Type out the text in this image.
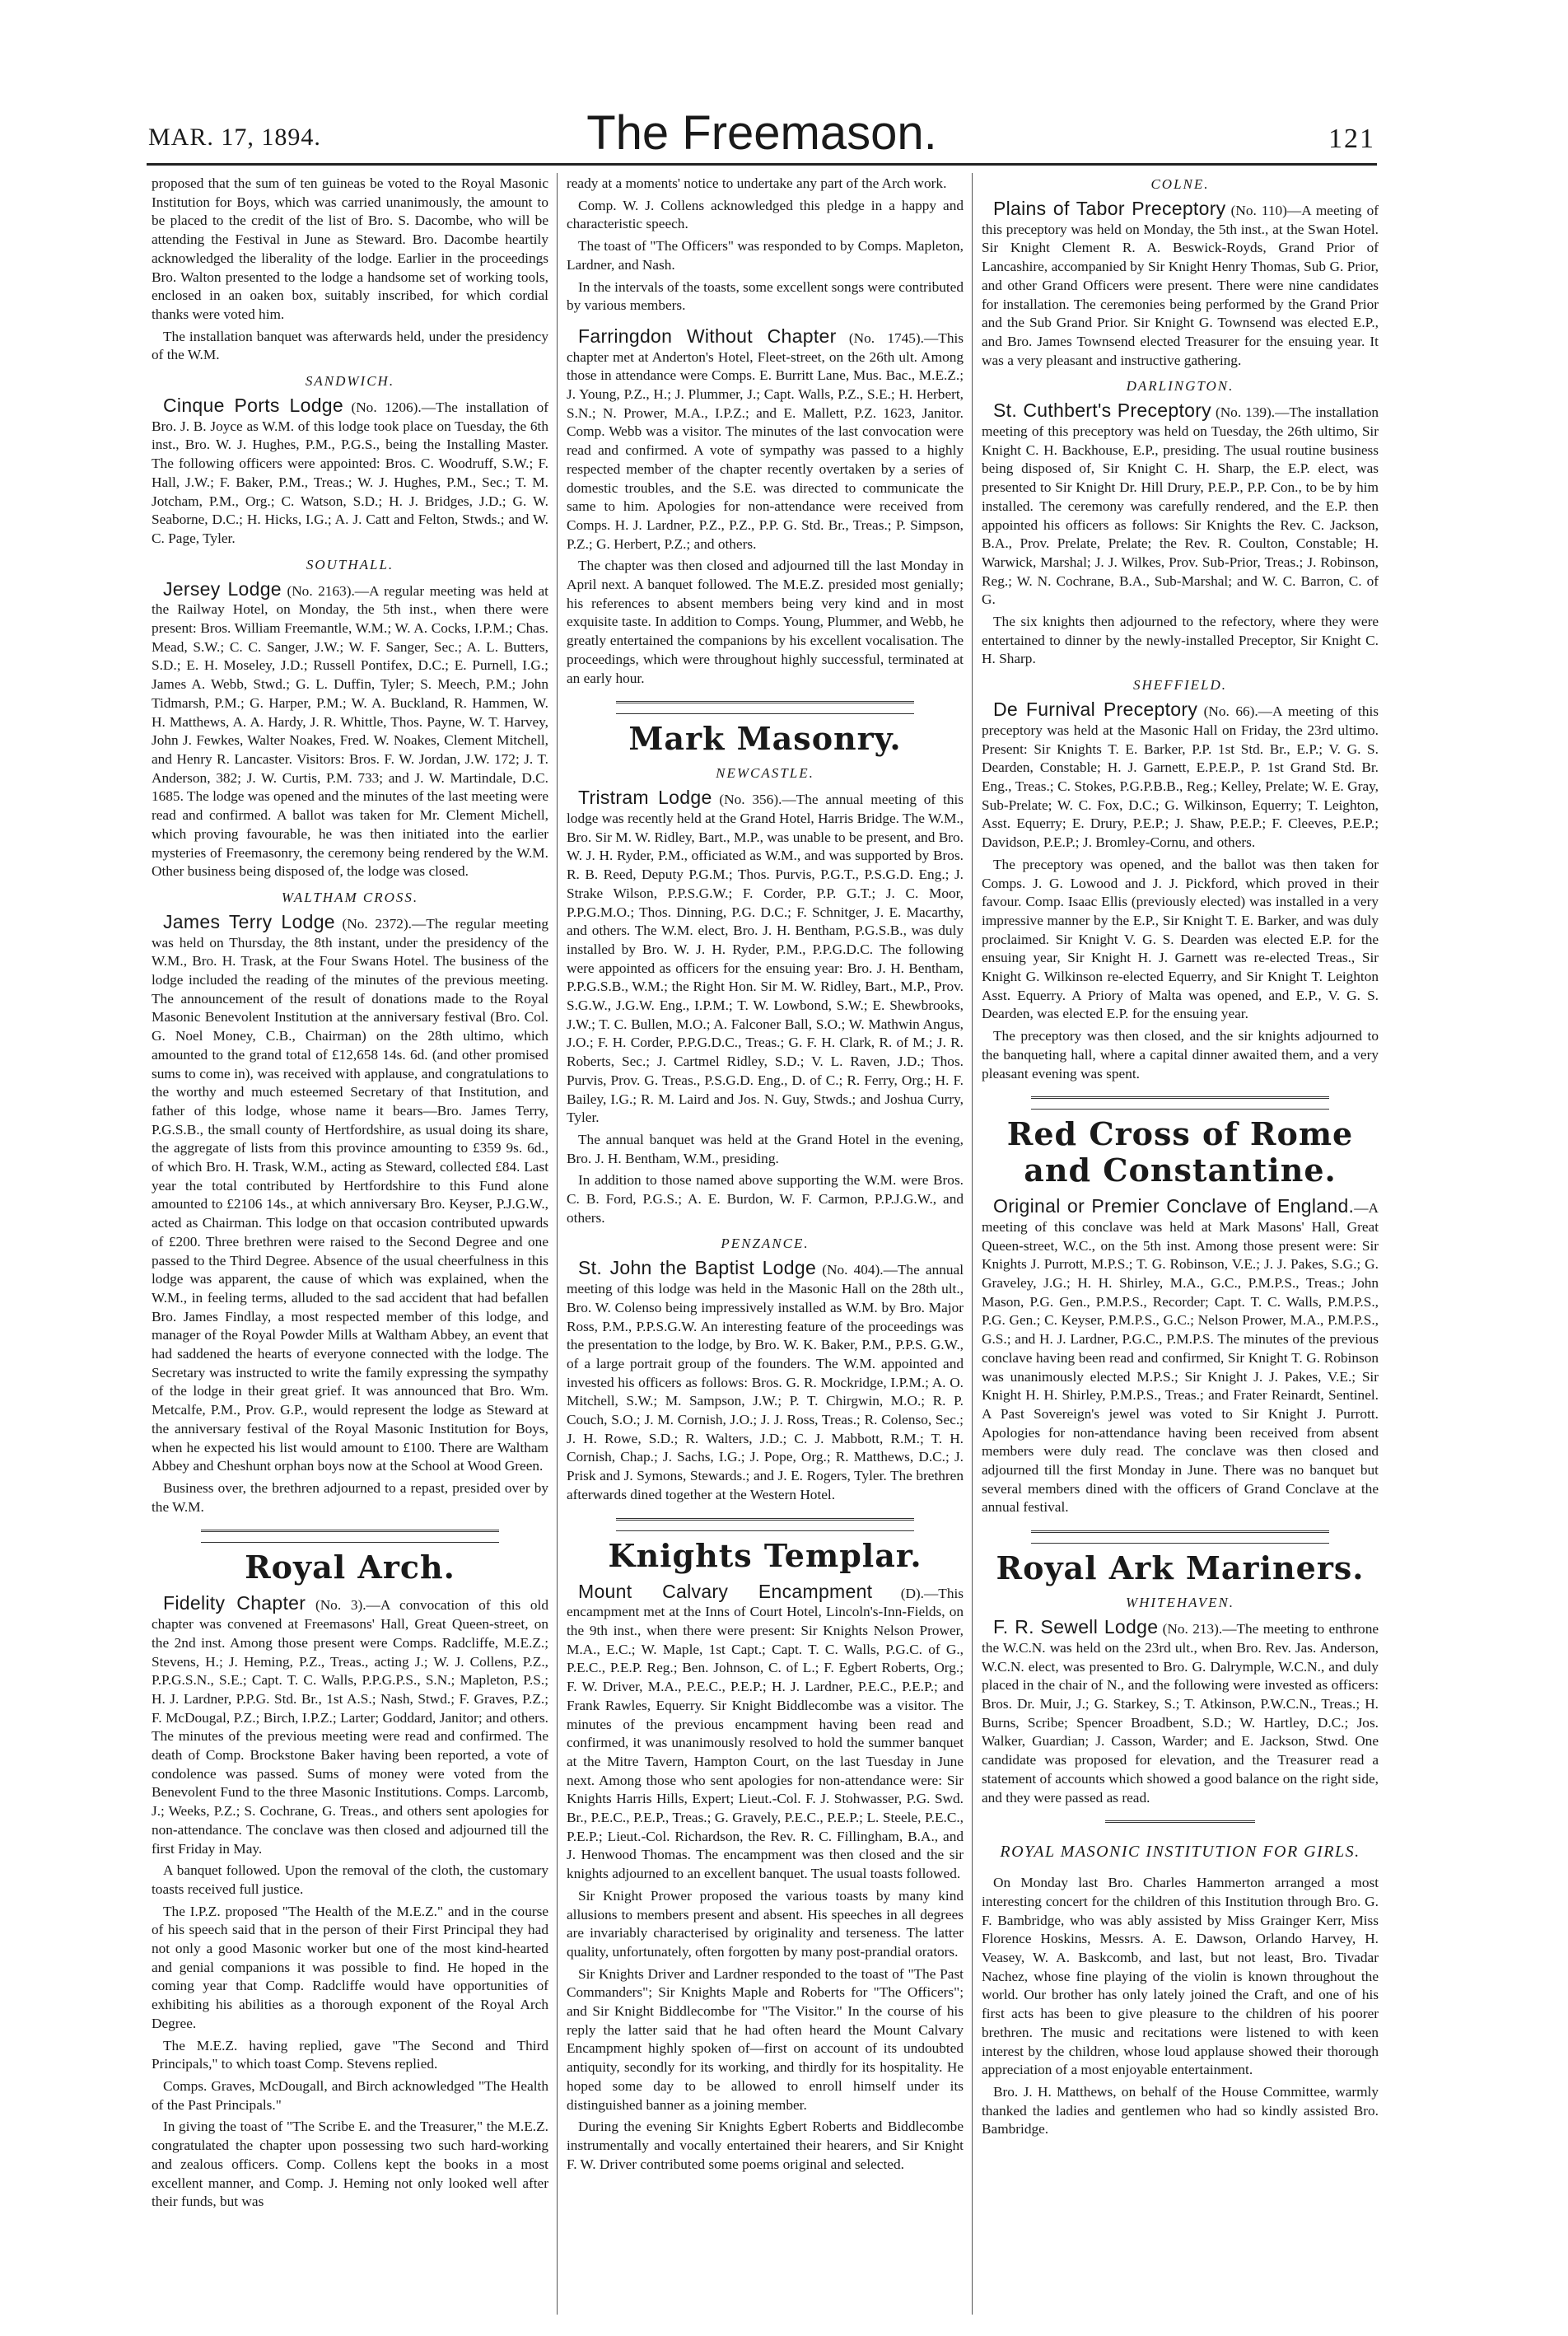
MAR. 17, 1894.	The Freemason.	121

proposed that the sum of ten guineas be voted to the Royal Masonic Institution for Boys, which was carried unanimously, the amount to be placed to the credit of the list of Bro. S. Dacombe, who will be attending the Festival in June as Steward. Bro. Dacombe heartily acknowledged the liberality of the lodge. Earlier in the proceedings Bro. Walton presented to the lodge a handsome set of working tools, enclosed in an oaken box, suitably inscribed, for which cordial thanks were voted him.

The installation banquet was afterwards held, under the presidency of the W.M.

SANDWICH.

Cinque Ports Lodge (No. 1206).—The installation of Bro. J. B. Joyce as W.M. of this lodge took place on Tuesday, the 6th inst., Bro. W. J. Hughes, P.M., P.G.S., being the Installing Master. The following officers were appointed: Bros. C. Woodruff, S.W.; F. Hall, J.W.; F. Baker, P.M., Treas.; W. J. Hughes, P.M., Sec.; T. M. Jotcham, P.M., Org.; C. Watson, S.D.; H. J. Bridges, J.D.; G. W. Seaborne, D.C.; H. Hicks, I.G.; A. J. Catt and Felton, Stwds.; and W. C. Page, Tyler.

SOUTHALL.

Jersey Lodge (No. 2163).—A regular meeting was held at the Railway Hotel, on Monday, the 5th inst., when there were present: Bros. William Freemantle, W.M.; W. A. Cocks, I.P.M.; Chas. Mead, S.W.; C. C. Sanger, J.W.; W. F. Sanger, Sec.; A. L. Butters, S.D.; E. H. Moseley, J.D.; Russell Pontifex, D.C.; E. Purnell, I.G.; James A. Webb, Stwd.; G. L. Duffin, Tyler; S. Meech, P.M.; John Tidmarsh, P.M.; G. Harper, P.M.; W. A. Buckland, R. Hammen, W. H. Matthews, A. A. Hardy, J. R. Whittle, Thos. Payne, W. T. Harvey, John J. Fewkes, Walter Noakes, Fred. W. Noakes, Clement Mitchell, and Henry R. Lancaster. Visitors: Bros. F. W. Jordan, J.W. 172; J. T. Anderson, 382; J. W. Curtis, P.M. 733; and J. W. Martindale, D.C. 1685. The lodge was opened and the minutes of the last meeting were read and confirmed. A ballot was taken for Mr. Clement Michell, which proving favourable, he was then initiated into the earlier mysteries of Freemasonry, the ceremony being rendered by the W.M. Other business being disposed of, the lodge was closed.

WALTHAM CROSS.

James Terry Lodge (No. 2372).—The regular meeting was held on Thursday, the 8th instant, under the presidency of the W.M., Bro. H. Trask, at the Four Swans Hotel. The business of the lodge included the reading of the minutes of the previous meeting. The announcement of the result of donations made to the Royal Masonic Benevolent Institution at the anniversary festival (Bro. Col. G. Noel Money, C.B., Chairman) on the 28th ultimo, which amounted to the grand total of £12,658 14s. 6d. (and other promised sums to come in), was received with applause, and congratulations to the worthy and much esteemed Secretary of that Institution, and father of this lodge, whose name it bears—Bro. James Terry, P.G.S.B., the small county of Hertfordshire, as usual doing its share, the aggregate of lists from this province amounting to £359 9s. 6d., of which Bro. H. Trask, W.M., acting as Steward, collected £84. Last year the total contributed by Hertfordshire to this Fund alone amounted to £2106 14s., at which anniversary Bro. Keyser, P.J.G.W., acted as Chairman. This lodge on that occasion contributed upwards of £200. Three brethren were raised to the Second Degree and one passed to the Third Degree. Absence of the usual cheerfulness in this lodge was apparent, the cause of which was explained, when the W.M., in feeling terms, alluded to the sad accident that had befallen Bro. James Findlay, a most respected member of this lodge, and manager of the Royal Powder Mills at Waltham Abbey, an event that had saddened the hearts of everyone connected with the lodge. The Secretary was instructed to write the family expressing the sympathy of the lodge in their great grief. It was announced that Bro. Wm. Metcalfe, P.M., Prov. G.P., would represent the lodge as Steward at the anniversary festival of the Royal Masonic Institution for Boys, when he expected his list would amount to £100. There are Waltham Abbey and Cheshunt orphan boys now at the School at Wood Green.

Business over, the brethren adjourned to a repast, presided over by the W.M.

Royal Arch.

Fidelity Chapter (No. 3).—A convocation of this old chapter was convened at Freemasons' Hall, Great Queen-street, on the 2nd inst. Among those present were Comps. Radcliffe, M.E.Z.; Stevens, H.; J. Heming, P.Z., Treas., acting J.; W. J. Collens, P.Z., P.P.G.S.N., S.E.; Capt. T. C. Walls, P.P.G.P.S., S.N.; Mapleton, P.S.; H. J. Lardner, P.P.G. Std. Br., 1st A.S.; Nash, Stwd.; F. Graves, P.Z.; F. McDougal, P.Z.; Birch, I.P.Z.; Larter; Goddard, Janitor; and others. The minutes of the previous meeting were read and confirmed. The death of Comp. Brockstone Baker having been reported, a vote of condolence was passed. Sums of money were voted from the Benevolent Fund to the three Masonic Institutions. Comps. Larcomb, J.; Weeks, P.Z.; S. Cochrane, G. Treas., and others sent apologies for non-attendance. The conclave was then closed and adjourned till the first Friday in May.

A banquet followed. Upon the removal of the cloth, the customary toasts received full justice.

The I.P.Z. proposed "The Health of the M.E.Z." and in the course of his speech said that in the person of their First Principal they had not only a good Masonic worker but one of the most kind-hearted and genial companions it was possible to find. He hoped in the coming year that Comp. Radcliffe would have opportunities of exhibiting his abilities as a thorough exponent of the Royal Arch Degree.

The M.E.Z. having replied, gave "The Second and Third Principals," to which toast Comp. Stevens replied.

Comps. Graves, McDougall, and Birch acknowledged "The Health of the Past Principals."

In giving the toast of "The Scribe E. and the Treasurer," the M.E.Z. congratulated the chapter upon possessing two such hard-working and zealous officers. Comp. Collens kept the books in a most excellent manner, and Comp. J. Heming not only looked well after their funds, but was

ready at a moments' notice to undertake any part of the Arch work.

Comp. W. J. Collens acknowledged this pledge in a happy and characteristic speech.

The toast of "The Officers" was responded to by Comps. Mapleton, Lardner, and Nash.

In the intervals of the toasts, some excellent songs were contributed by various members.

Farringdon Without Chapter (No. 1745).—This chapter met at Anderton's Hotel, Fleet-street, on the 26th ult. Among those in attendance were Comps. E. Burritt Lane, Mus. Bac., M.E.Z.; J. Young, P.Z., H.; J. Plummer, J.; Capt. Walls, P.Z., S.E.; H. Herbert, S.N.; N. Prower, M.A., I.P.Z.; and E. Mallett, P.Z. 1623, Janitor. Comp. Webb was a visitor. The minutes of the last convocation were read and confirmed. A vote of sympathy was passed to a highly respected member of the chapter recently overtaken by a series of domestic troubles, and the S.E. was directed to communicate the same to him. Apologies for non-attendance were received from Comps. H. J. Lardner, P.Z., P.Z., P.P. G. Std. Br., Treas.; P. Simpson, P.Z.; G. Herbert, P.Z.; and others.

The chapter was then closed and adjourned till the last Monday in April next. A banquet followed. The M.E.Z. presided most genially; his references to absent members being very kind and in most exquisite taste. In addition to Comps. Young, Plummer, and Webb, he greatly entertained the companions by his excellent vocalisation. The proceedings, which were throughout highly successful, terminated at an early hour.

Mark Masonry.
NEWCASTLE.

Tristram Lodge (No. 356).—The annual meeting of this lodge was recently held at the Grand Hotel, Harris Bridge. The W.M., Bro. Sir M. W. Ridley, Bart., M.P., was unable to be present, and Bro. W. J. H. Ryder, P.M., officiated as W.M., and was supported by Bros. R. B. Reed, Deputy P.G.M.; Thos. Purvis, P.G.T., P.S.G.D. Eng.; J. Strake Wilson, P.P.S.G.W.; F. Corder, P.P. G.T.; J. C. Moor, P.P.G.M.O.; Thos. Dinning, P.G. D.C.; F. Schnitger, J. E. Macarthy, and others. The W.M. elect, Bro. J. H. Bentham, P.G.S.B., was duly installed by Bro. W. J. H. Ryder, P.M., P.P.G.D.C. The following were appointed as officers for the ensuing year: Bro. J. H. Bentham, P.P.G.S.B., W.M.; the Right Hon. Sir M. W. Ridley, Bart., M.P., Prov. S.G.W., J.G.W. Eng., I.P.M.; T. W. Lowbond, S.W.; E. Shewbrooks, J.W.; T. C. Bullen, M.O.; A. Falconer Ball, S.O.; W. Mathwin Angus, J.O.; F. H. Corder, P.P.G.D.C., Treas.; G. F. H. Clark, R. of M.; J. R. Roberts, Sec.; J. Cartmel Ridley, S.D.; V. L. Raven, J.D.; Thos. Purvis, Prov. G. Treas., P.S.G.D. Eng., D. of C.; R. Ferry, Org.; H. F. Bailey, I.G.; R. M. Laird and Jos. N. Guy, Stwds.; and Joshua Curry, Tyler.

The annual banquet was held at the Grand Hotel in the evening, Bro. J. H. Bentham, W.M., presiding.

In addition to those named above supporting the W.M. were Bros. C. B. Ford, P.G.S.; A. E. Burdon, W. F. Carmon, P.P.J.G.W., and others.

PENZANCE.

St. John the Baptist Lodge (No. 404).—The annual meeting of this lodge was held in the Masonic Hall on the 28th ult., Bro. W. Colenso being impressively installed as W.M. by Bro. Major Ross, P.M., P.P.S.G.W. An interesting feature of the proceedings was the presentation to the lodge, by Bro. W. K. Baker, P.M., P.P.S. G.W., of a large portrait group of the founders. The W.M. appointed and invested his officers as follows: Bros. G. R. Mockridge, I.P.M.; A. O. Mitchell, S.W.; M. Sampson, J.W.; P. T. Chirgwin, M.O.; R. P. Couch, S.O.; J. M. Cornish, J.O.; J. J. Ross, Treas.; R. Colenso, Sec.; J. H. Rowe, S.D.; R. Walters, J.D.; C. J. Mabbott, R.M.; T. H. Cornish, Chap.; J. Sachs, I.G.; J. Pope, Org.; R. Matthews, D.C.; J. Prisk and J. Symons, Stewards.; and J. E. Rogers, Tyler. The brethren afterwards dined together at the Western Hotel.

Knights Templar.

Mount Calvary Encampment (D).—This encampment met at the Inns of Court Hotel, Lincoln's-Inn-Fields, on the 9th inst., when there were present: Sir Knights Nelson Prower, M.A., E.C.; W. Maple, 1st Capt.; Capt. T. C. Walls, P.G.C. of G., P.E.C., P.E.P. Reg.; Ben. Johnson, C. of L.; F. Egbert Roberts, Org.; F. W. Driver, M.A., P.E.C., P.E.P.; H. J. Lardner, P.E.C., P.E.P.; and Frank Rawles, Equerry. Sir Knight Biddlecombe was a visitor. The minutes of the previous encampment having been read and confirmed, it was unanimously resolved to hold the summer banquet at the Mitre Tavern, Hampton Court, on the last Tuesday in June next. Among those who sent apologies for non-attendance were: Sir Knights Harris Hills, Expert; Lieut.-Col. F. J. Stohwasser, P.G. Swd. Br., P.E.C., P.E.P., Treas.; G. Gravely, P.E.C., P.E.P.; L. Steele, P.E.C., P.E.P.; Lieut.-Col. Richardson, the Rev. R. C. Fillingham, B.A., and J. Henwood Thomas. The encampment was then closed and the sir knights adjourned to an excellent banquet. The usual toasts followed.

Sir Knight Prower proposed the various toasts by many kind allusions to members present and absent. His speeches in all degrees are invariably characterised by originality and terseness. The latter quality, unfortunately, often forgotten by many post-prandial orators.

Sir Knights Driver and Lardner responded to the toast of "The Past Commanders"; Sir Knights Maple and Roberts for "The Officers"; and Sir Knight Biddlecombe for "The Visitor." In the course of his reply the latter said that he had often heard the Mount Calvary Encampment highly spoken of—first on account of its undoubted antiquity, secondly for its working, and thirdly for its hospitality. He hoped some day to be allowed to enroll himself under its distinguished banner as a joining member.

During the evening Sir Knights Egbert Roberts and Biddlecombe instrumentally and vocally entertained their hearers, and Sir Knight F. W. Driver contributed some poems original and selected.

COLNE.

Plains of Tabor Preceptory (No. 110)—A meeting of this preceptory was held on Monday, the 5th inst., at the Swan Hotel. Sir Knight Clement R. A. Beswick-Royds, Grand Prior of Lancashire, accompanied by Sir Knight Henry Thomas, Sub G. Prior, and other Grand Officers were present. There were nine candidates for installation. The ceremonies being performed by the Grand Prior and the Sub Grand Prior. Sir Knight G. Townsend was elected E.P., and Bro. James Townsend elected Treasurer for the ensuing year. It was a very pleasant and instructive gathering.

DARLINGTON.

St. Cuthbert's Preceptory (No. 139).—The installation meeting of this preceptory was held on Tuesday, the 26th ultimo, Sir Knight C. H. Backhouse, E.P., presiding. The usual routine business being disposed of, Sir Knight C. H. Sharp, the E.P. elect, was presented to Sir Knight Dr. Hill Drury, P.E.P., P.P. Con., to be by him installed. The ceremony was carefully rendered, and the E.P. then appointed his officers as follows: Sir Knights the Rev. C. Jackson, B.A., Prov. Prelate, Prelate; the Rev. R. Coulton, Constable; H. Warwick, Marshal; J. J. Wilkes, Prov. Sub-Prior, Treas.; J. Robinson, Reg.; W. N. Cochrane, B.A., Sub-Marshal; and W. C. Barron, C. of G.

The six knights then adjourned to the refectory, where they were entertained to dinner by the newly-installed Preceptor, Sir Knight C. H. Sharp.

SHEFFIELD.

De Furnival Preceptory (No. 66).—A meeting of this preceptory was held at the Masonic Hall on Friday, the 23rd ultimo. Present: Sir Knights T. E. Barker, P.P. 1st Std. Br., E.P.; V. G. S. Dearden, Constable; H. J. Garnett, E.P.E.P., P. 1st Grand Std. Br. Eng., Treas.; C. Stokes, P.G.P.B.B., Reg.; Kelley, Prelate; W. E. Gray, Sub-Prelate; W. C. Fox, D.C.; G. Wilkinson, Equerry; T. Leighton, Asst. Equerry; E. Drury, P.E.P.; J. Shaw, P.E.P.; F. Cleeves, P.E.P.; Davidson, P.E.P.; J. Bromley-Cornu, and others.

The preceptory was opened, and the ballot was then taken for Comps. J. G. Lowood and J. J. Pickford, which proved in their favour. Comp. Isaac Ellis (previously elected) was installed in a very impressive manner by the E.P., Sir Knight T. E. Barker, and was duly proclaimed. Sir Knight V. G. S. Dearden was elected E.P. for the ensuing year, Sir Knight H. J. Garnett was re-elected Treas., Sir Knight G. Wilkinson re-elected Equerry, and Sir Knight T. Leighton Asst. Equerry. A Priory of Malta was opened, and E.P., V. G. S. Dearden, was elected E.P. for the ensuing year.

The preceptory was then closed, and the sir knights adjourned to the banqueting hall, where a capital dinner awaited them, and a very pleasant evening was spent.

Red Cross of Rome and Constantine.

Original or Premier Conclave of England.—A meeting of this conclave was held at Mark Masons' Hall, Great Queen-street, W.C., on the 5th inst. Among those present were: Sir Knights J. Purrott, M.P.S.; T. G. Robinson, V.E.; J. J. Pakes, S.G.; G. Graveley, J.G.; H. H. Shirley, M.A., G.C., P.M.P.S., Treas.; John Mason, P.G. Gen., P.M.P.S., Recorder; Capt. T. C. Walls, P.M.P.S., P.G. Gen.; C. Keyser, P.M.P.S., G.C.; Nelson Prower, M.A., P.M.P.S., G.S.; and H. J. Lardner, P.G.C., P.M.P.S. The minutes of the previous conclave having been read and confirmed, Sir Knight T. G. Robinson was unanimously elected M.P.S.; Sir Knight J. J. Pakes, V.E.; Sir Knight H. H. Shirley, P.M.P.S., Treas.; and Frater Reinardt, Sentinel. A Past Sovereign's jewel was voted to Sir Knight J. Purrott. Apologies for non-attendance having been received from absent members were duly read. The conclave was then closed and adjourned till the first Monday in June. There was no banquet but several members dined with the officers of Grand Conclave at the annual festival.

Royal Ark Mariners.
WHITEHAVEN.

F. R. Sewell Lodge (No. 213).—The meeting to enthrone the W.C.N. was held on the 23rd ult., when Bro. Rev. Jas. Anderson, W.C.N. elect, was presented to Bro. G. Dalrymple, W.C.N., and duly placed in the chair of N., and the following were invested as officers: Bros. Dr. Muir, J.; G. Starkey, S.; T. Atkinson, P.W.C.N., Treas.; H. Burns, Scribe; Spencer Broadbent, S.D.; W. Hartley, D.C.; Jos. Walker, Guardian; J. Casson, Warder; and E. Jackson, Stwd. One candidate was proposed for elevation, and the Treasurer read a statement of accounts which showed a good balance on the right side, and they were passed as read.

ROYAL MASONIC INSTITUTION FOR GIRLS.

On Monday last Bro. Charles Hammerton arranged a most interesting concert for the children of this Institution through Bro. G. F. Bambridge, who was ably assisted by Miss Grainger Kerr, Miss Florence Hoskins, Messrs. A. E. Dawson, Orlando Harvey, H. Veasey, W. A. Baskcomb, and last, but not least, Bro. Tivadar Nachez, whose fine playing of the violin is known throughout the world. Our brother has only lately joined the Craft, and one of his first acts has been to give pleasure to the children of his poorer brethren. The music and recitations were listened to with keen interest by the children, whose loud applause showed their thorough appreciation of a most enjoyable entertainment.

Bro. J. H. Matthews, on behalf of the House Committee, warmly thanked the ladies and gentlemen who had so kindly assisted Bro. Bambridge.
